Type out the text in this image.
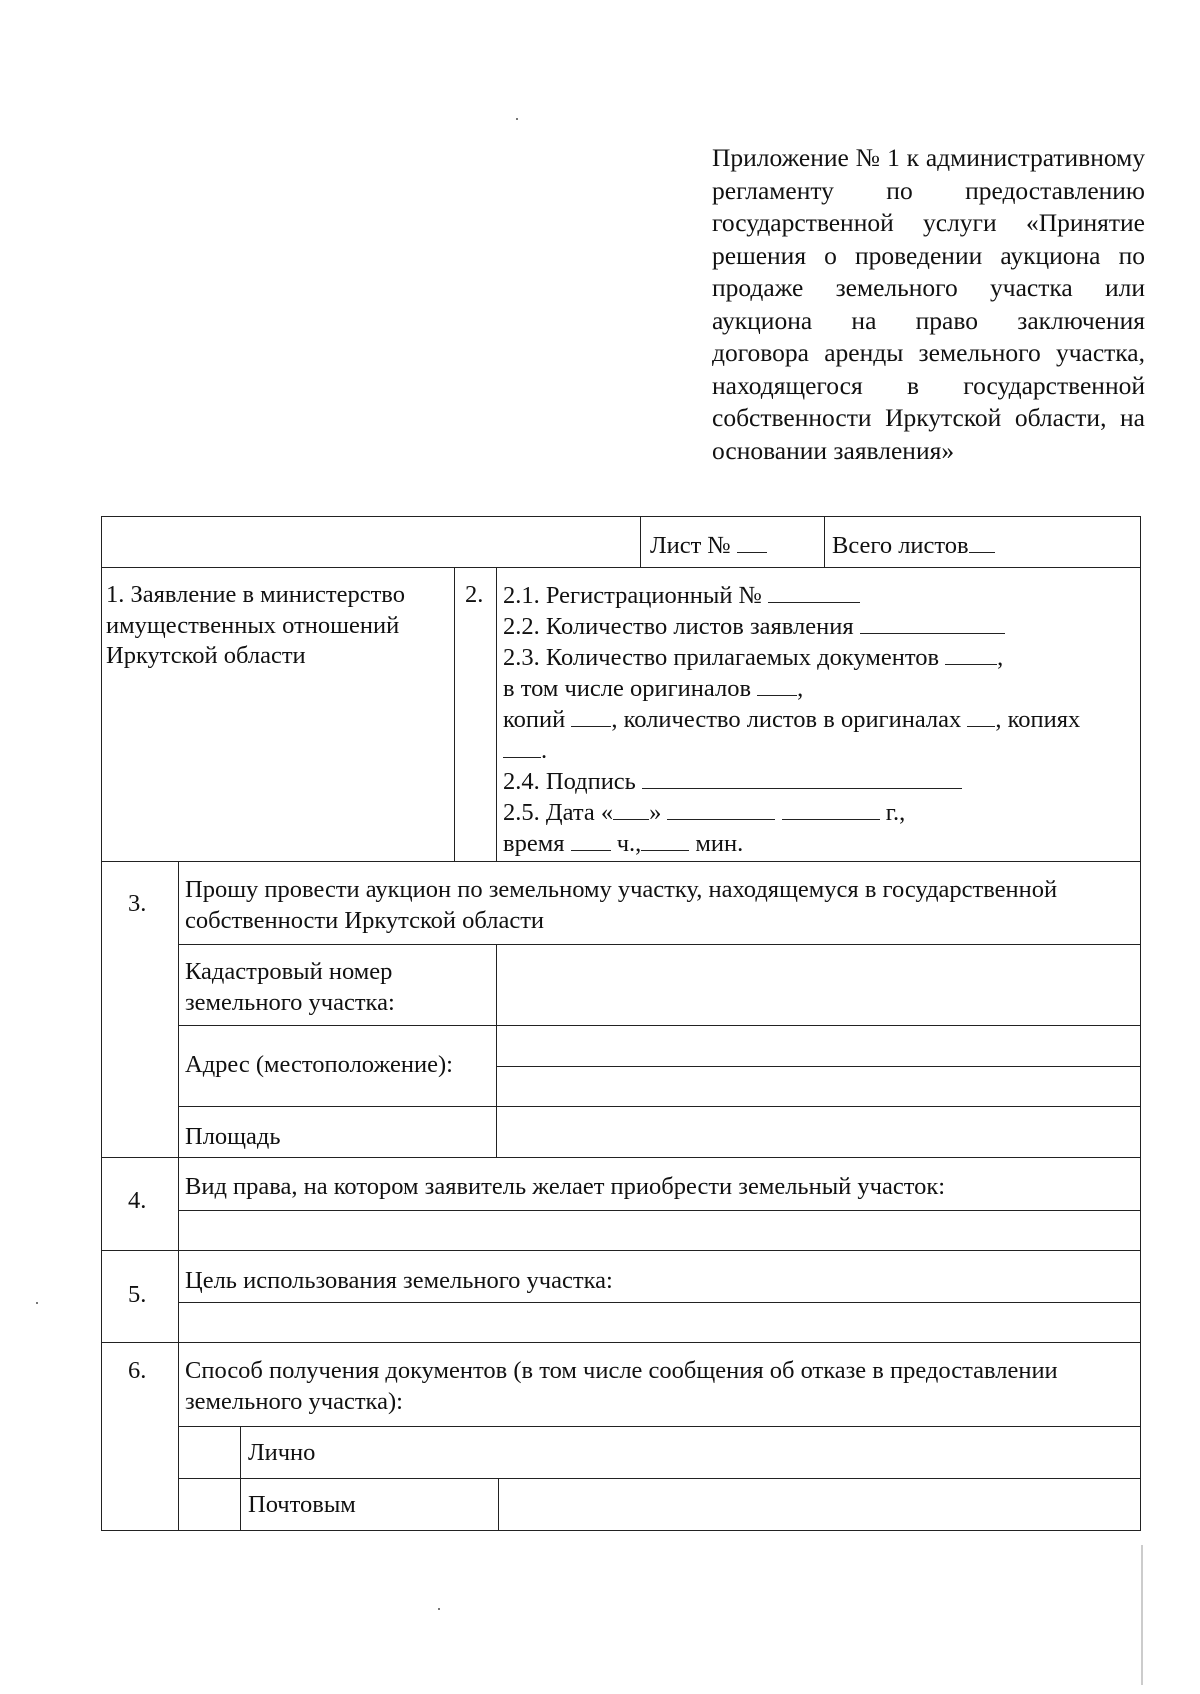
Приложение № 1 к административному регламенту по предоставлению государственной услуги «Принятие решения о проведении аукциона по продаже земельного участка или аукциона на право заключения договора аренды земельного участка, находящегося в государственной собственности Иркутской области, на основании заявления»
Лист №	Всего листов
1. Заявление в министерство имущественных отношений Иркутской области
2. 2.1. Регистрационный №
2.2. Количество листов заявления
2.3. Количество прилагаемых документов ,
в том числе оригиналов ,
копий , количество листов в оригиналах , копиях
.
2.4. Подпись
2.5. Дата « »	г.,
время ч., мин.
3.
Прошу провести аукцион по земельному участку, находящемуся в государственной собственности Иркутской области
Кадастровый номер земельного участка:
Адрес (местоположение):
Площадь
4.
Вид права, на котором заявитель желает приобрести земельный участок:
5.
Цель использования земельного участка:
6. Способ получения документов (в том числе сообщения об отказе в предоставлении земельного участка):
Лично
Почтовым
